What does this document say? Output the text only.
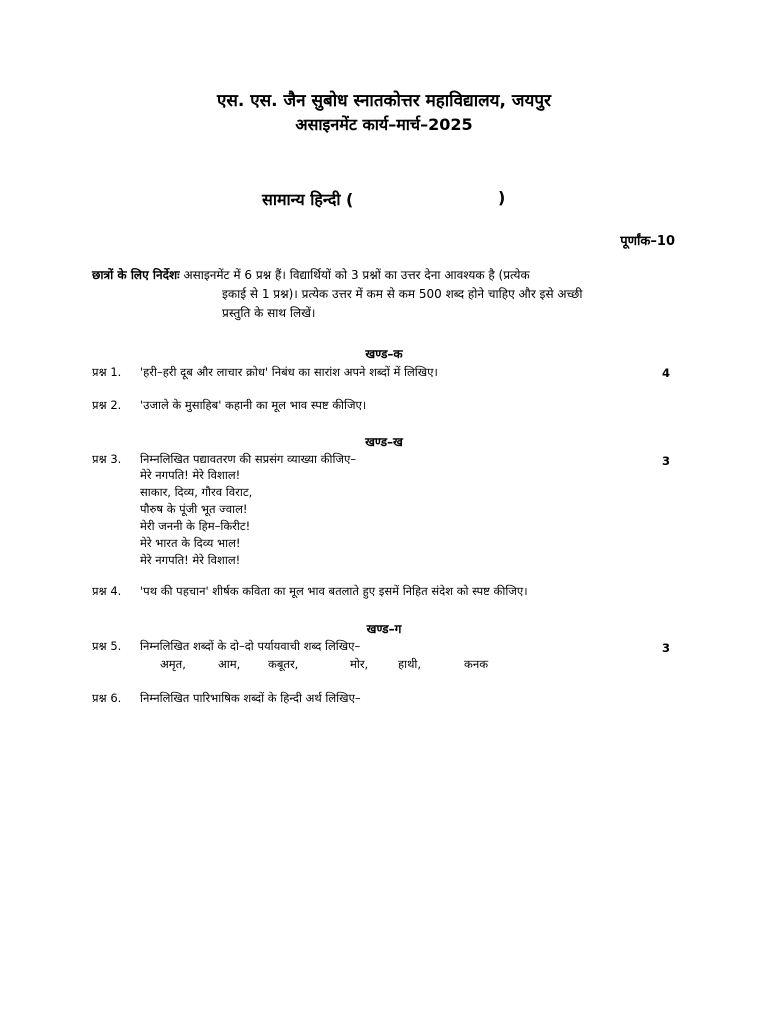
एस. एस. जैन सुबोध स्नातकोत्तर महाविद्यालय, जयपुर
असाइनमेंट कार्य–मार्च–2025
सामान्य हिन्दी (	)
पूर्णांक–10
छात्रों के लिए निर्देशः असाइनमेंट में 6 प्रश्न हैं। विद्यार्थियों को 3 प्रश्नों का उत्तर देना आवश्यक है (प्रत्येक
इकाई से 1 प्रश्न)। प्रत्येक उत्तर में कम से कम 500 शब्द होने चाहिए और इसे अच्छी
प्रस्तुति के साथ लिखें।
खण्ड–क
प्रश्न 1. 'हरी–हरी दूब और लाचार क्रोध' निबंध का सारांश अपने शब्दों में लिखिए।	4
प्रश्न 2. 'उजाले के मुसाहिब' कहानी का मूल भाव स्पष्ट कीजिए।
खण्ड–ख
प्रश्न 3. निम्नलिखित पद्यावतरण की सप्रसंग व्याख्या कीजिए–	3
मेरे नगपति! मेरे विशाल!
साकार, दिव्य, गौरव विराट,
पौरुष के पूंजी भूत ज्वाल!
मेरी जननी के हिम–किरीट!
मेरे भारत के दिव्य भाल!
मेरे नगपति! मेरे विशाल!
प्रश्न 4. 'पथ की पहचान' शीर्षक कविता का मूल भाव बतलाते हुए इसमें निहित संदेश को स्पष्ट कीजिए।
खण्ड–ग
प्रश्न 5. निम्नलिखित शब्दों के दो–दो पर्यायवाची शब्द लिखिए–	3
अमृत,	आम, कबूतर,	मोर,	हाथी,	कनक
प्रश्न 6. निम्नलिखित पारिभाषिक शब्दों के हिन्दी अर्थ लिखिए–
